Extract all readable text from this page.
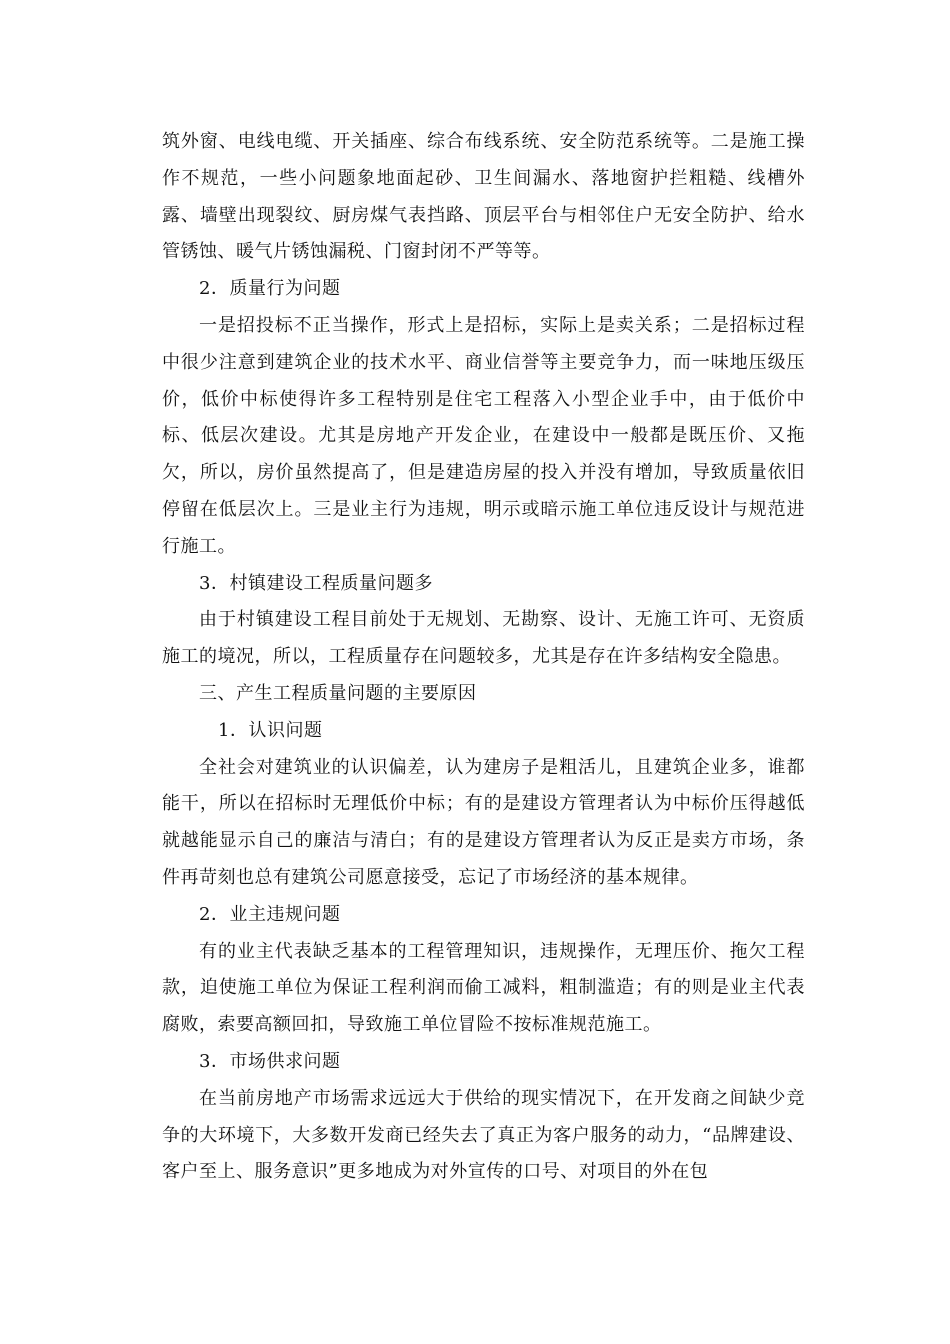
筑外窗、电线电缆、开关插座、综合布线系统、安全防范系统等。二是施工操作不规范，一些小问题象地面起砂、卫生间漏水、落地窗护拦粗糙、线槽外露、墙壁出现裂纹、厨房煤气表挡路、顶层平台与相邻住户无安全防护、给水管锈蚀、暖气片锈蚀漏税、门窗封闭不严等等。

2．质量行为问题

一是招投标不正当操作，形式上是招标，实际上是卖关系；二是招标过程中很少注意到建筑企业的技术水平、商业信誉等主要竞争力，而一味地压级压价，低价中标使得许多工程特别是住宅工程落入小型企业手中，由于低价中标、低层次建设。尤其是房地产开发企业，在建设中一般都是既压价、又拖欠，所以，房价虽然提高了，但是建造房屋的投入并没有增加，导致质量依旧停留在低层次上。三是业主行为违规，明示或暗示施工单位违反设计与规范进行施工。

3．村镇建设工程质量问题多

由于村镇建设工程目前处于无规划、无勘察、设计、无施工许可、无资质施工的境况，所以，工程质量存在问题较多，尤其是存在许多结构安全隐患。

三、产生工程质量问题的主要原因

1．认识问题

全社会对建筑业的认识偏差，认为建房子是粗活儿，且建筑企业多，谁都能干，所以在招标时无理低价中标；有的是建设方管理者认为中标价压得越低就越能显示自己的廉洁与清白；有的是建设方管理者认为反正是卖方市场，条件再苛刻也总有建筑公司愿意接受，忘记了市场经济的基本规律。

2．业主违规问题

有的业主代表缺乏基本的工程管理知识，违规操作，无理压价、拖欠工程款，迫使施工单位为保证工程利润而偷工减料，粗制滥造；有的则是业主代表腐败，索要高额回扣，导致施工单位冒险不按标准规范施工。

3．市场供求问题

在当前房地产市场需求远远大于供给的现实情况下，在开发商之间缺少竞争的大环境下，大多数开发商已经失去了真正为客户服务的动力，“品牌建设、客户至上、服务意识”更多地成为对外宣传的口号、对项目的外在包
